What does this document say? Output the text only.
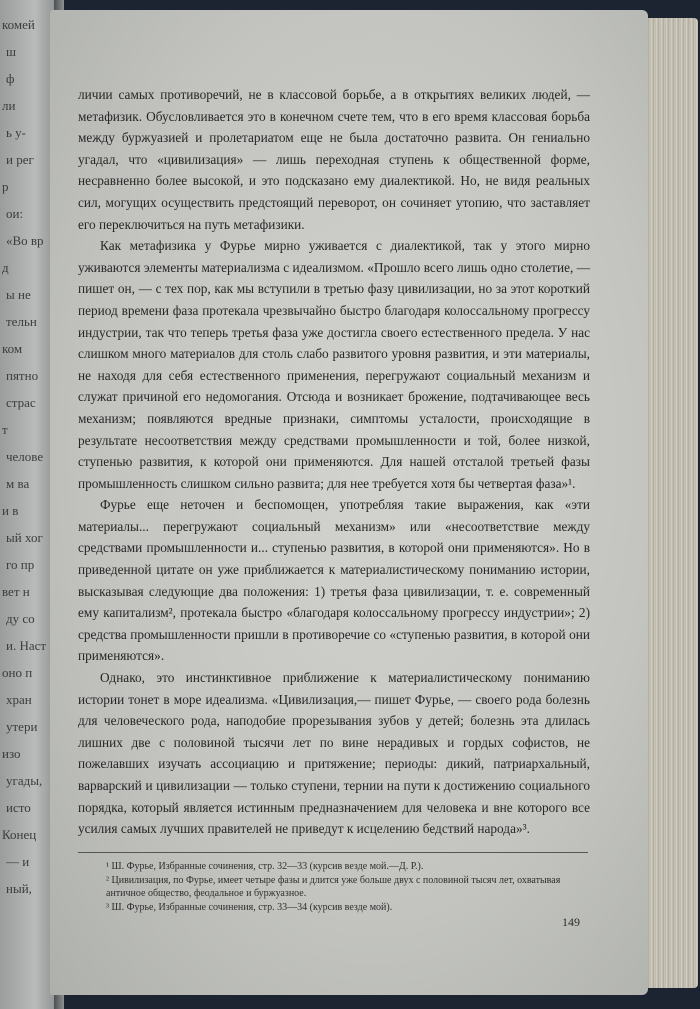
комей
ш
ф
ли
ь у-
и рег
р
ои:
«Во вр
д
ы не
тельн
ком
пятно
страс
т
челове
м ва
и в
ый хог
го пр
вет н
ду со
и. Наст
оно п
хран
утери
изо
угады,
исто
Конец
— и
ный,

личии самых противоречий, не в классовой борьбе, а в открытиях великих людей, — метафизик. Обусловливается это в конечном счете тем, что в его время классовая борьба между буржуазией и пролетариатом еще не была достаточно развита. Он гениально угадал, что «цивилизация» — лишь переходная ступень к общественной форме, несравненно более высокой, и это подсказано ему диалектикой. Но, не видя реальных сил, могущих осуществить предстоящий переворот, он сочиняет утопию, что заставляет его переключиться на путь метафизики.

Как метафизика у Фурье мирно уживается с диалектикой, так у этого мирно уживаются элементы материализма с идеализмом. «Прошло всего лишь одно столетие, — пишет он, — с тех пор, как мы вступили в третью фазу цивилизации, но за этот короткий период времени фаза протекала чрезвычайно быстро благодаря колоссальному прогрессу индустрии, так что теперь третья фаза уже достигла своего естественного предела. У нас слишком много материалов для столь слабо развитого уровня развития, и эти материалы, не находя для себя естественного применения, перегружают социальный механизм и служат причиной его недомогания. Отсюда и возникает брожение, подтачивающее весь механизм; появляются вредные признаки, симптомы усталости, происходящие в результате несоответствия между средствами промышленности и той, более низкой, ступенью развития, к которой они применяются. Для нашей отсталой третьей фазы промышленность слишком сильно развита; для нее требуется хотя бы четвертая фаза»¹.

Фурье еще неточен и беспомощен, употребляя такие выражения, как «эти материалы... перегружают социальный механизм» или «несоответствие между средствами промышленности и... ступенью развития, в которой они применяются». Но в приведенной цитате он уже приближается к материалистическому пониманию истории, высказывая следующие два положения: 1) третья фаза цивилизации, т. е. современный ему капитализм², протекала быстро «благодаря колоссальному прогрессу индустрии»; 2) средства промышленности пришли в противоречие со «ступенью развития, в которой они применяются».

Однако, это инстинктивное приближение к материалистическому пониманию истории тонет в море идеализма. «Цивилизация,— пишет Фурье, — своего рода болезнь для человеческого рода, наподобие прорезывания зубов у детей; болезнь эта длилась лишних две с половиной тысячи лет по вине нерадивых и гордых софистов, не пожелавших изучать ассоциацию и притяжение; периоды: дикий, патриархальный, варварский и цивилизации — только ступени, тернии на пути к достижению социального порядка, который является истинным предназначением для человека и вне которого все усилия самых лучших правителей не приведут к исцелению бедствий народа»³.

¹ Ш. Фурье, Избранные сочинения, стр. 32—33 (курсив везде мой.—Д. Р.).

² Цивилизация, по Фурье, имеет четыре фазы и длится уже больше двух с половиной тысяч лет, охватывая античное общество, феодальное и буржуазное.

³ Ш. Фурье, Избранные сочинения, стр. 33—34 (курсив везде мой).

149
